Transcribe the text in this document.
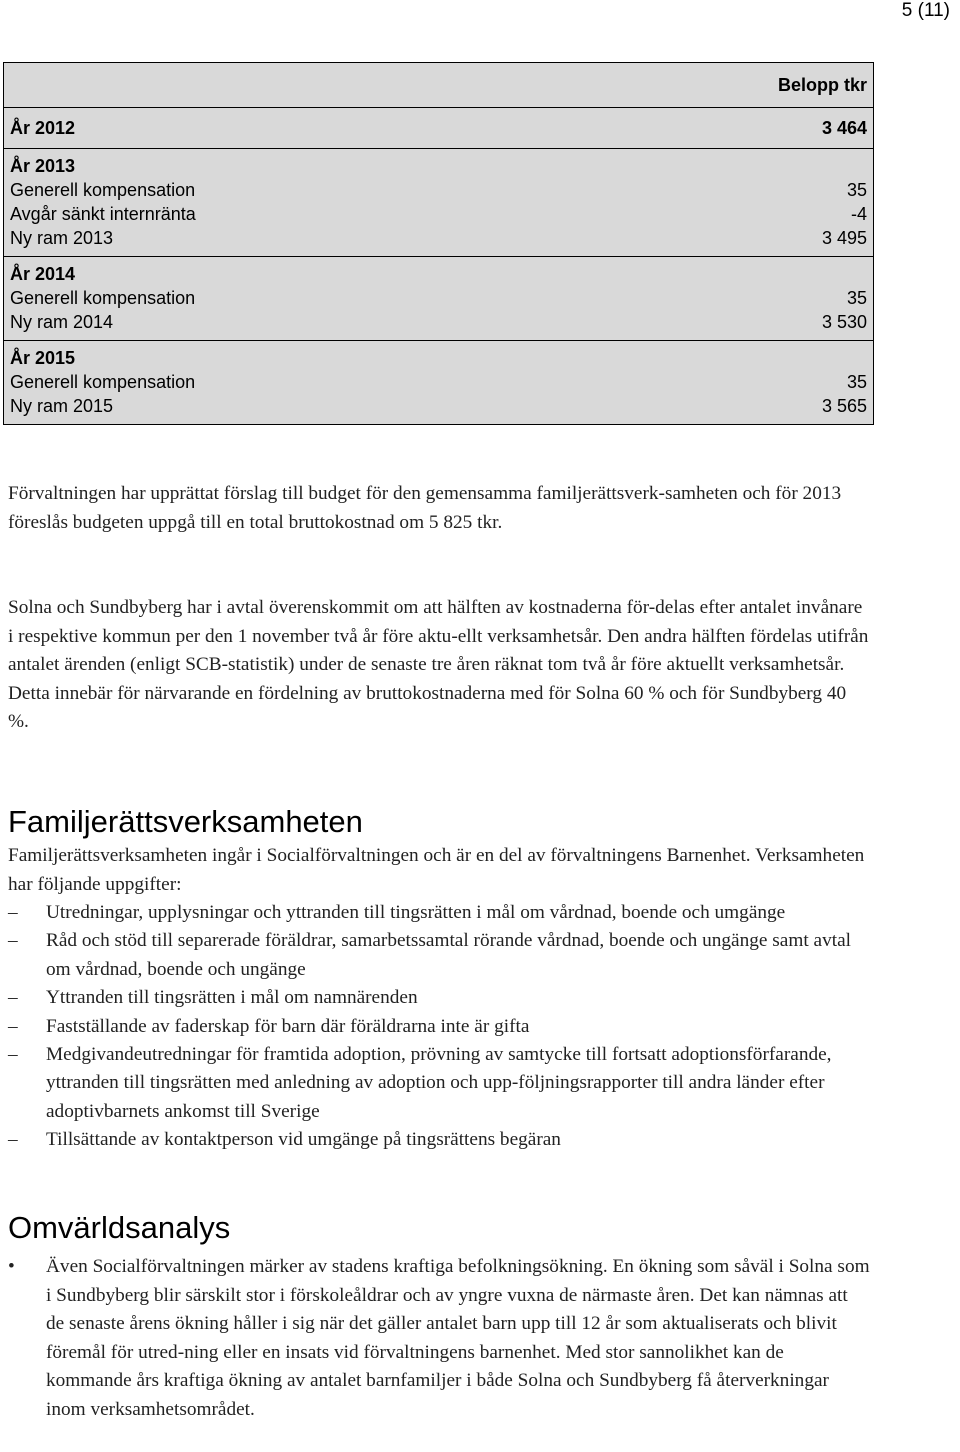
5 (11)
Belopp tkr
År 2012	3 464
År 2013
Generell kompensation	35
Avgår sänkt internränta	-4
Ny ram 2013	3 495
År 2014
Generell kompensation	35
Ny ram 2014	3 530
År 2015
Generell kompensation	35
Ny ram 2015	3 565

Förvaltningen har upprättat förslag till budget för den gemensamma familjerättsverk-samheten och för 2013 föreslås budgeten uppgå till en total bruttokostnad om 5 825 tkr.

Solna och Sundbyberg har i avtal överenskommit om att hälften av kostnaderna för-delas efter antalet invånare i respektive kommun per den 1 november två år före aktu-ellt verksamhetsår. Den andra hälften fördelas utifrån antalet ärenden (enligt SCB-statistik) under de senaste tre åren räknat tom två år före aktuellt verksamhetsår. Detta innebär för närvarande en fördelning av bruttokostnaderna med för Solna 60 % och för Sundbyberg 40 %.

Familjerättsverksamheten

Familjerättsverksamheten ingår i Socialförvaltningen och är en del av förvaltningens Barnenhet. Verksamheten har följande uppgifter:

–	Utredningar, upplysningar och yttranden till tingsrätten i mål om vårdnad, boende och umgänge
–	Råd och stöd till separerade föräldrar, samarbetssamtal rörande vårdnad, boende och ungänge samt avtal om vårdnad, boende och ungänge
–	Yttranden till tingsrätten i mål om namnärenden
–	Fastställande av faderskap för barn där föräldrarna inte är gifta
–	Medgivandeutredningar för framtida adoption, prövning av samtycke till fortsatt adoptionsförfarande, yttranden till tingsrätten med anledning av adoption och upp-följningsrapporter till andra länder efter adoptivbarnets ankomst till Sverige
–	Tillsättande av kontaktperson vid umgänge på tingsrättens begäran
Omvärldsanalys
•	Även Socialförvaltningen märker av stadens kraftiga befolkningsökning. En ökning som såväl i Solna som i Sundbyberg blir särskilt stor i förskoleåldrar och av yngre vuxna de närmaste åren. Det kan nämnas att de senaste årens ökning håller i sig när det gäller antalet barn upp till 12 år som aktualiserats och blivit föremål för utred-ning eller en insats vid förvaltningens barnenhet. Med stor sannolikhet kan de kommande års kraftiga ökning av antalet barnfamiljer i både Solna och Sundbyberg få återverkningar inom verksamhetsområdet.
